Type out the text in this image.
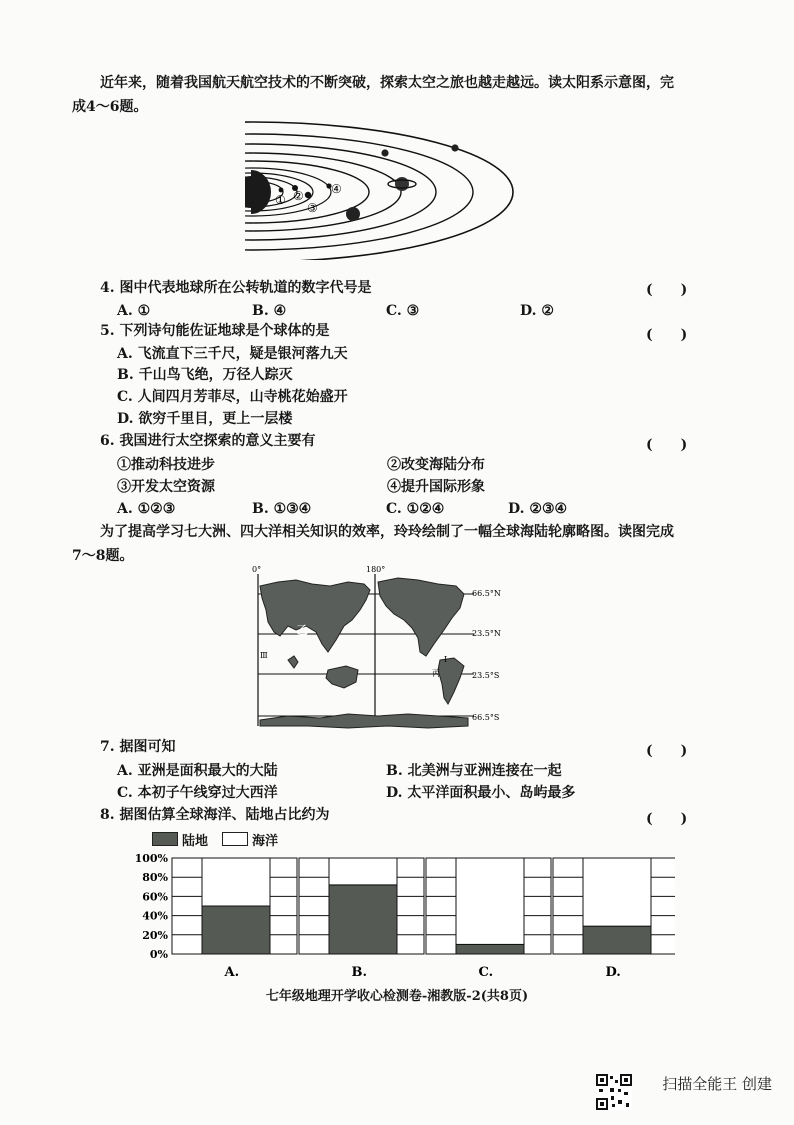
近年来，随着我国航天航空技术的不断突破，探索太空之旅也越走越远。读太阳系示意图，完
成4～6题。
① ②
③
④
4. 图中代表地球所在公转轨道的数字代号是	(　　)
A. ①	B. ④	C. ③	D. ②
5. 下列诗句能佐证地球是个球体的是	(　　)
A. 飞流直下三千尺，疑是银河落九天
B. 千山鸟飞绝，万径人踪灭
C. 人间四月芳菲尽，山寺桃花始盛开
D. 欲穷千里目，更上一层楼
6. 我国进行太空探索的意义主要有	(　　)
①推动科技进步	②改变海陆分布
③开发太空资源	④提升国际形象
A. ①②③	B. ①③④	C. ①②④	D. ②③④
为了提高学习七大洲、四大洋相关知识的效率，玲玲绘制了一幅全球海陆轮廓略图。读图完成
7～8题。
0°	180°
66.5°N
23.5°N
23.5°S
66.5°S
乙
Ⅲ	Ⅰ
丙
7. 据图可知	(　　)
A. 亚洲是面积最大的大陆	B. 北美洲与亚洲连接在一起
C. 本初子午线穿过大西洋	D. 太平洋面积最小、岛屿最多
8. 据图估算全球海洋、陆地占比约为	(　　)
陆地	海洋
100%
80%
60%
40%
20%
0%
A.	B.	C.	D.
七年级地理开学收心检测卷-湘教版-2(共8页)
扫描全能王 创建
